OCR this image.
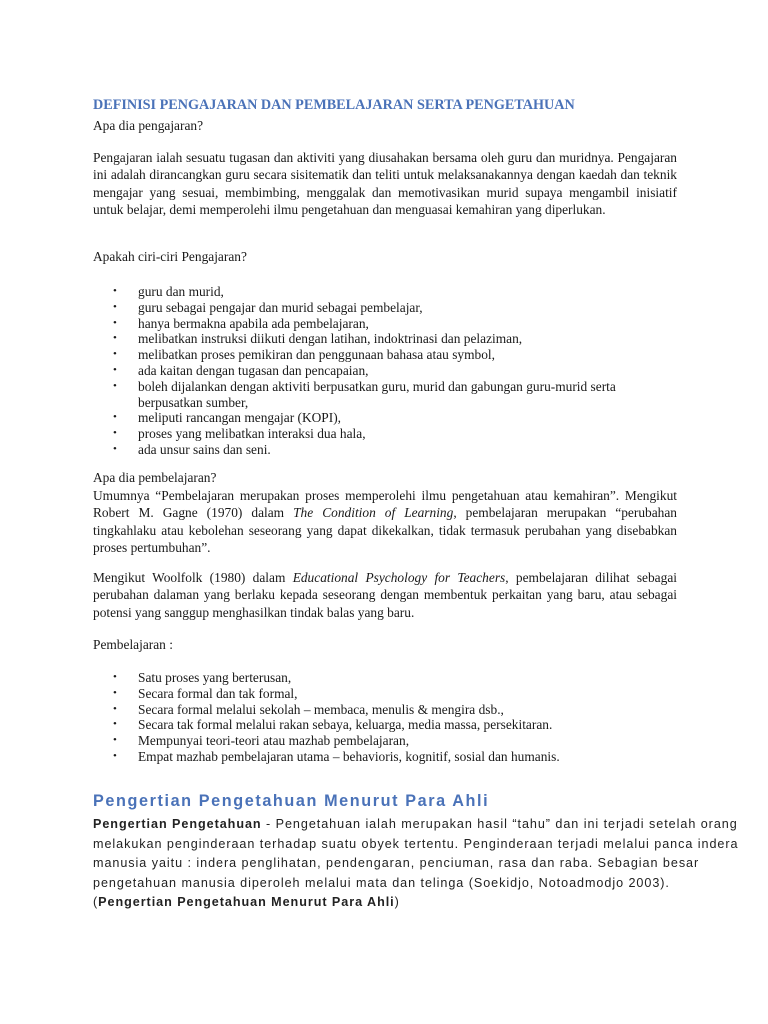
DEFINISI PENGAJARAN DAN PEMBELAJARAN SERTA PENGETAHUAN
Apa dia pengajaran?
Pengajaran ialah sesuatu tugasan dan aktiviti yang diusahakan bersama oleh guru dan muridnya. Pengajaran ini adalah dirancangkan guru secara sisitematik dan teliti untuk melaksanakannya dengan kaedah dan teknik mengajar yang sesuai, membimbing, menggalak dan memotivasikan murid supaya mengambil inisiatif untuk belajar, demi memperolehi ilmu pengetahuan dan menguasai kemahiran yang diperlukan.
Apakah ciri-ciri Pengajaran?
• guru dan murid,
• guru sebagai pengajar dan murid sebagai pembelajar,
• hanya bermakna apabila ada pembelajaran,
• melibatkan instruksi diikuti dengan latihan, indoktrinasi dan pelaziman,
• melibatkan proses pemikiran dan penggunaan bahasa atau symbol,
• ada kaitan dengan tugasan dan pencapaian,
• boleh dijalankan dengan aktiviti berpusatkan guru, murid dan gabungan guru-murid serta berpusatkan sumber,
• meliputi rancangan mengajar (KOPI),
• proses yang melibatkan interaksi dua hala,
• ada unsur sains dan seni.
Apa dia pembelajaran?
Umumnya “Pembelajaran merupakan proses memperolehi ilmu pengetahuan atau kemahiran”. Mengikut Robert M. Gagne (1970) dalam The Condition of Learning, pembelajaran merupakan “perubahan tingkahlaku atau kebolehan seseorang yang dapat dikekalkan, tidak termasuk perubahan yang disebabkan proses pertumbuhan”.
Mengikut Woolfolk (1980) dalam Educational Psychology for Teachers, pembelajaran dilihat sebagai perubahan dalaman yang berlaku kepada seseorang dengan membentuk perkaitan yang baru, atau sebagai potensi yang sanggup menghasilkan tindak balas yang baru.
Pembelajaran :
• Satu proses yang berterusan,
• Secara formal dan tak formal,
• Secara formal melalui sekolah – membaca, menulis & mengira dsb.,
• Secara tak formal melalui rakan sebaya, keluarga, media massa, persekitaran.
• Mempunyai teori-teori atau mazhab pembelajaran,
• Empat mazhab pembelajaran utama – behavioris, kognitif, sosial dan humanis.
Pengertian Pengetahuan Menurut Para Ahli
Pengertian Pengetahuan - Pengetahuan ialah merupakan hasil “tahu” dan ini terjadi setelah orang
melakukan penginderaan terhadap suatu obyek tertentu. Penginderaan terjadi melalui panca indera
manusia yaitu : indera penglihatan, pendengaran, penciuman, rasa dan raba. Sebagian besar
pengetahuan manusia diperoleh melalui mata dan telinga (Soekidjo, Notoadmodjo 2003).
(Pengertian Pengetahuan Menurut Para Ahli)
